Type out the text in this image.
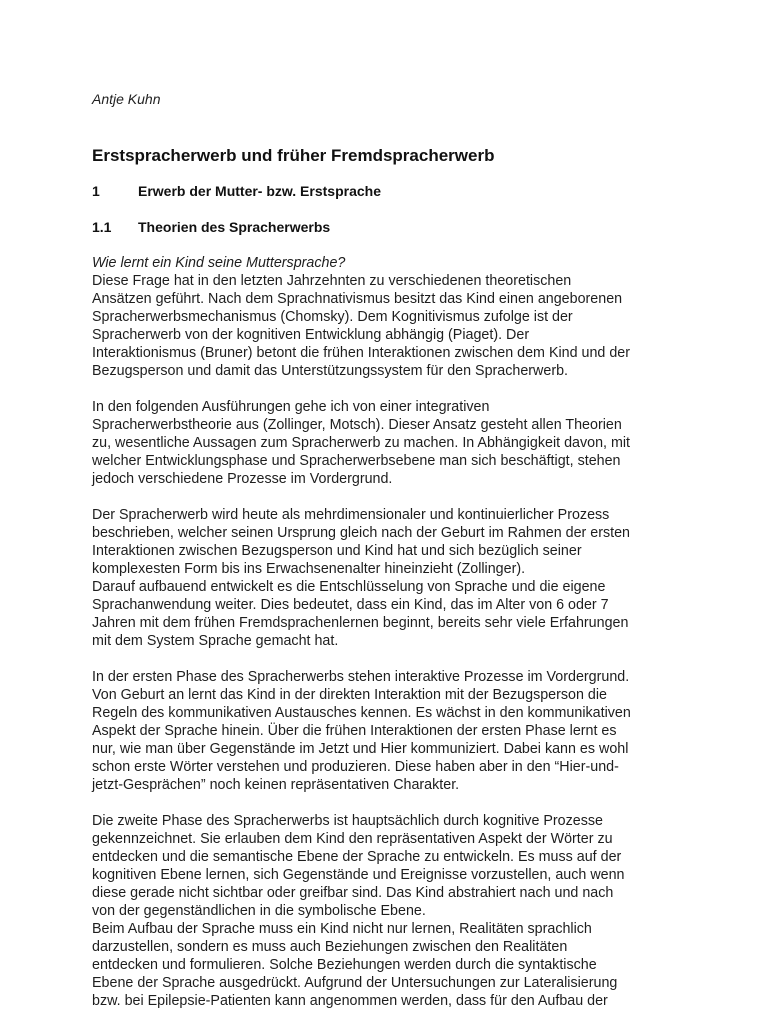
Antje Kuhn
Erstspracherwerb und früher Fremdspracherwerb
1	Erwerb der Mutter- bzw. Erstsprache
1.1 Theorien des Spracherwerbs
Wie lernt ein Kind seine Muttersprache?
Diese Frage hat in den letzten Jahrzehnten zu verschiedenen theoretischen
Ansätzen geführt. Nach dem Sprachnativismus besitzt das Kind einen angeborenen
Spracherwerbsmechanismus (Chomsky). Dem Kognitivismus zufolge ist der
Spracherwerb von der kognitiven Entwicklung abhängig (Piaget). Der
Interaktionismus (Bruner) betont die frühen Interaktionen zwischen dem Kind und der
Bezugsperson und damit das Unterstützungssystem für den Spracherwerb.
In den folgenden Ausführungen gehe ich von einer integrativen
Spracherwerbstheorie aus (Zollinger, Motsch). Dieser Ansatz gesteht allen Theorien
zu, wesentliche Aussagen zum Spracherwerb zu machen. In Abhängigkeit davon, mit
welcher Entwicklungsphase und Spracherwerbsebene man sich beschäftigt, stehen
jedoch verschiedene Prozesse im Vordergrund.
Der Spracherwerb wird heute als mehrdimensionaler und kontinuierlicher Prozess
beschrieben, welcher seinen Ursprung gleich nach der Geburt im Rahmen der ersten
Interaktionen zwischen Bezugsperson und Kind hat und sich bezüglich seiner
komplexesten Form bis ins Erwachsenenalter hineinzieht (Zollinger).
Darauf aufbauend entwickelt es die Entschlüsselung von Sprache und die eigene
Sprachanwendung weiter. Dies bedeutet, dass ein Kind, das im Alter von 6 oder 7
Jahren mit dem frühen Fremdsprachenlernen beginnt, bereits sehr viele Erfahrungen
mit dem System Sprache gemacht hat.
In der ersten Phase des Spracherwerbs stehen interaktive Prozesse im Vordergrund.
Von Geburt an lernt das Kind in der direkten Interaktion mit der Bezugsperson die
Regeln des kommunikativen Austausches kennen. Es wächst in den kommunikativen
Aspekt der Sprache hinein. Über die frühen Interaktionen der ersten Phase lernt es
nur, wie man über Gegenstände im Jetzt und Hier kommuniziert. Dabei kann es wohl
schon erste Wörter verstehen und produzieren. Diese haben aber in den “Hier-und-
jetzt-Gesprächen” noch keinen repräsentativen Charakter.
Die zweite Phase des Spracherwerbs ist hauptsächlich durch kognitive Prozesse
gekennzeichnet. Sie erlauben dem Kind den repräsentativen Aspekt der Wörter zu
entdecken und die semantische Ebene der Sprache zu entwickeln. Es muss auf der
kognitiven Ebene lernen, sich Gegenstände und Ereignisse vorzustellen, auch wenn
diese gerade nicht sichtbar oder greifbar sind. Das Kind abstrahiert nach und nach
von der gegenständlichen in die symbolische Ebene.
Beim Aufbau der Sprache muss ein Kind nicht nur lernen, Realitäten sprachlich
darzustellen, sondern es muss auch Beziehungen zwischen den Realitäten
entdecken und formulieren. Solche Beziehungen werden durch die syntaktische
Ebene der Sprache ausgedrückt. Aufgrund der Untersuchungen zur Lateralisierung
bzw. bei Epilepsie-Patienten kann angenommen werden, dass für den Aufbau der
